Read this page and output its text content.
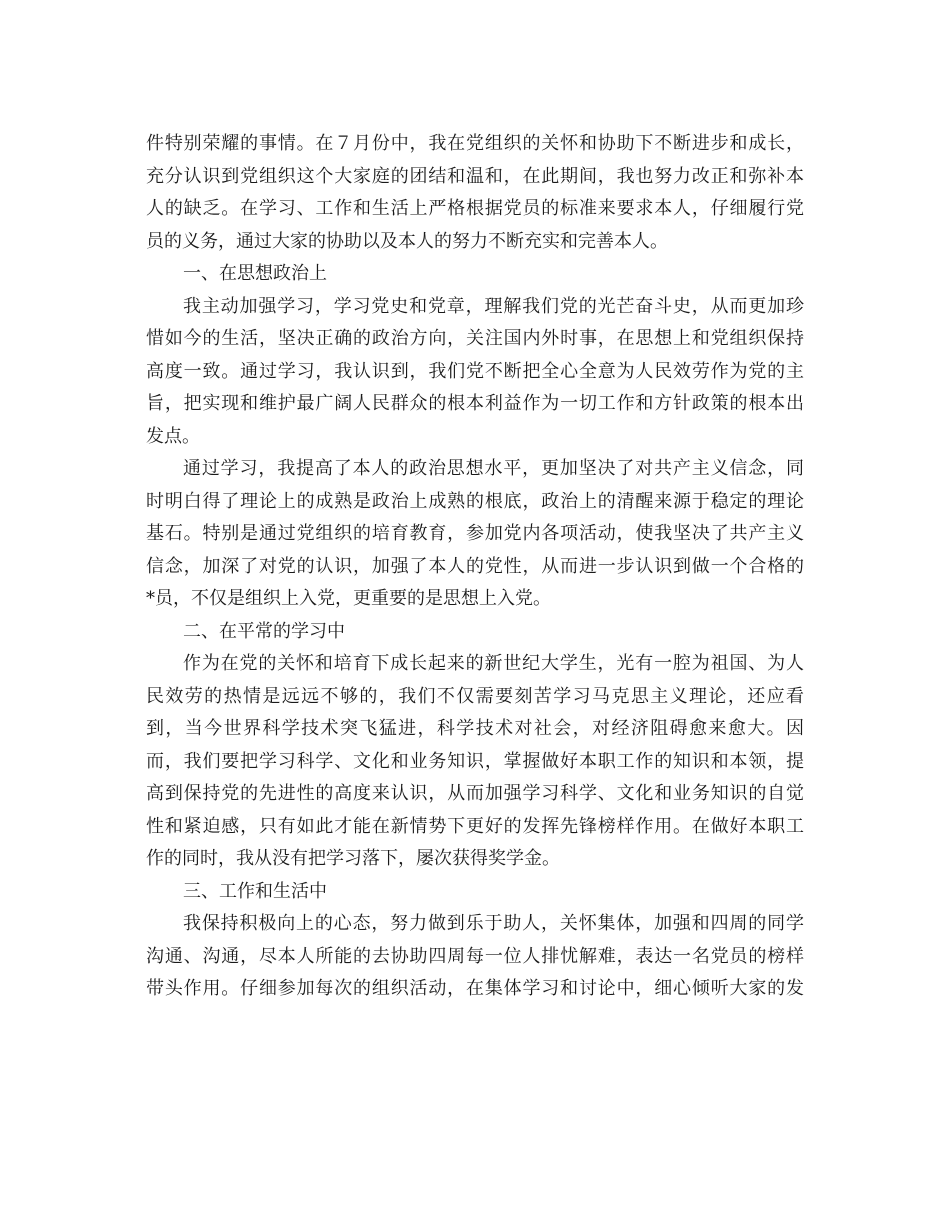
件特别荣耀的事情。在７月份中，我在党组织的关怀和协助下不断进步和成长，
充分认识到党组织这个大家庭的团结和温和，在此期间，我也努力改正和弥补本
人的缺乏。在学习、工作和生活上严格根据党员的标准来要求本人，仔细履行党
员的义务，通过大家的协助以及本人的努力不断充实和完善本人。
一、在思想政治上
我主动加强学习，学习党史和党章，理解我们党的光芒奋斗史，从而更加珍
惜如今的生活，坚决正确的政治方向，关注国内外时事，在思想上和党组织保持
高度一致。通过学习，我认识到，我们党不断把全心全意为人民效劳作为党的主
旨，把实现和维护最广阔人民群众的根本利益作为一切工作和方针政策的根本出
发点。
通过学习，我提高了本人的政治思想水平，更加坚决了对共产主义信念，同
时明白得了理论上的成熟是政治上成熟的根底，政治上的清醒来源于稳定的理论
基石。特别是通过党组织的培育教育，参加党内各项活动，使我坚决了共产主义
信念，加深了对党的认识，加强了本人的党性，从而进一步认识到做一个合格的
*员，不仅是组织上入党，更重要的是思想上入党。
二、在平常的学习中
作为在党的关怀和培育下成长起来的新世纪大学生，光有一腔为祖国、为人
民效劳的热情是远远不够的，我们不仅需要刻苦学习马克思主义理论，还应看
到，当今世界科学技术突飞猛进，科学技术对社会，对经济阻碍愈来愈大。因
而，我们要把学习科学、文化和业务知识，掌握做好本职工作的知识和本领，提
高到保持党的先进性的高度来认识，从而加强学习科学、文化和业务知识的自觉
性和紧迫感，只有如此才能在新情势下更好的发挥先锋榜样作用。在做好本职工
作的同时，我从没有把学习落下，屡次获得奖学金。
三、工作和生活中
我保持积极向上的心态，努力做到乐于助人，关怀集体，加强和四周的同学
沟通、沟通，尽本人所能的去协助四周每一位人排忧解难，表达一名党员的榜样
带头作用。仔细参加每次的组织活动，在集体学习和讨论中，细心倾听大家的发
